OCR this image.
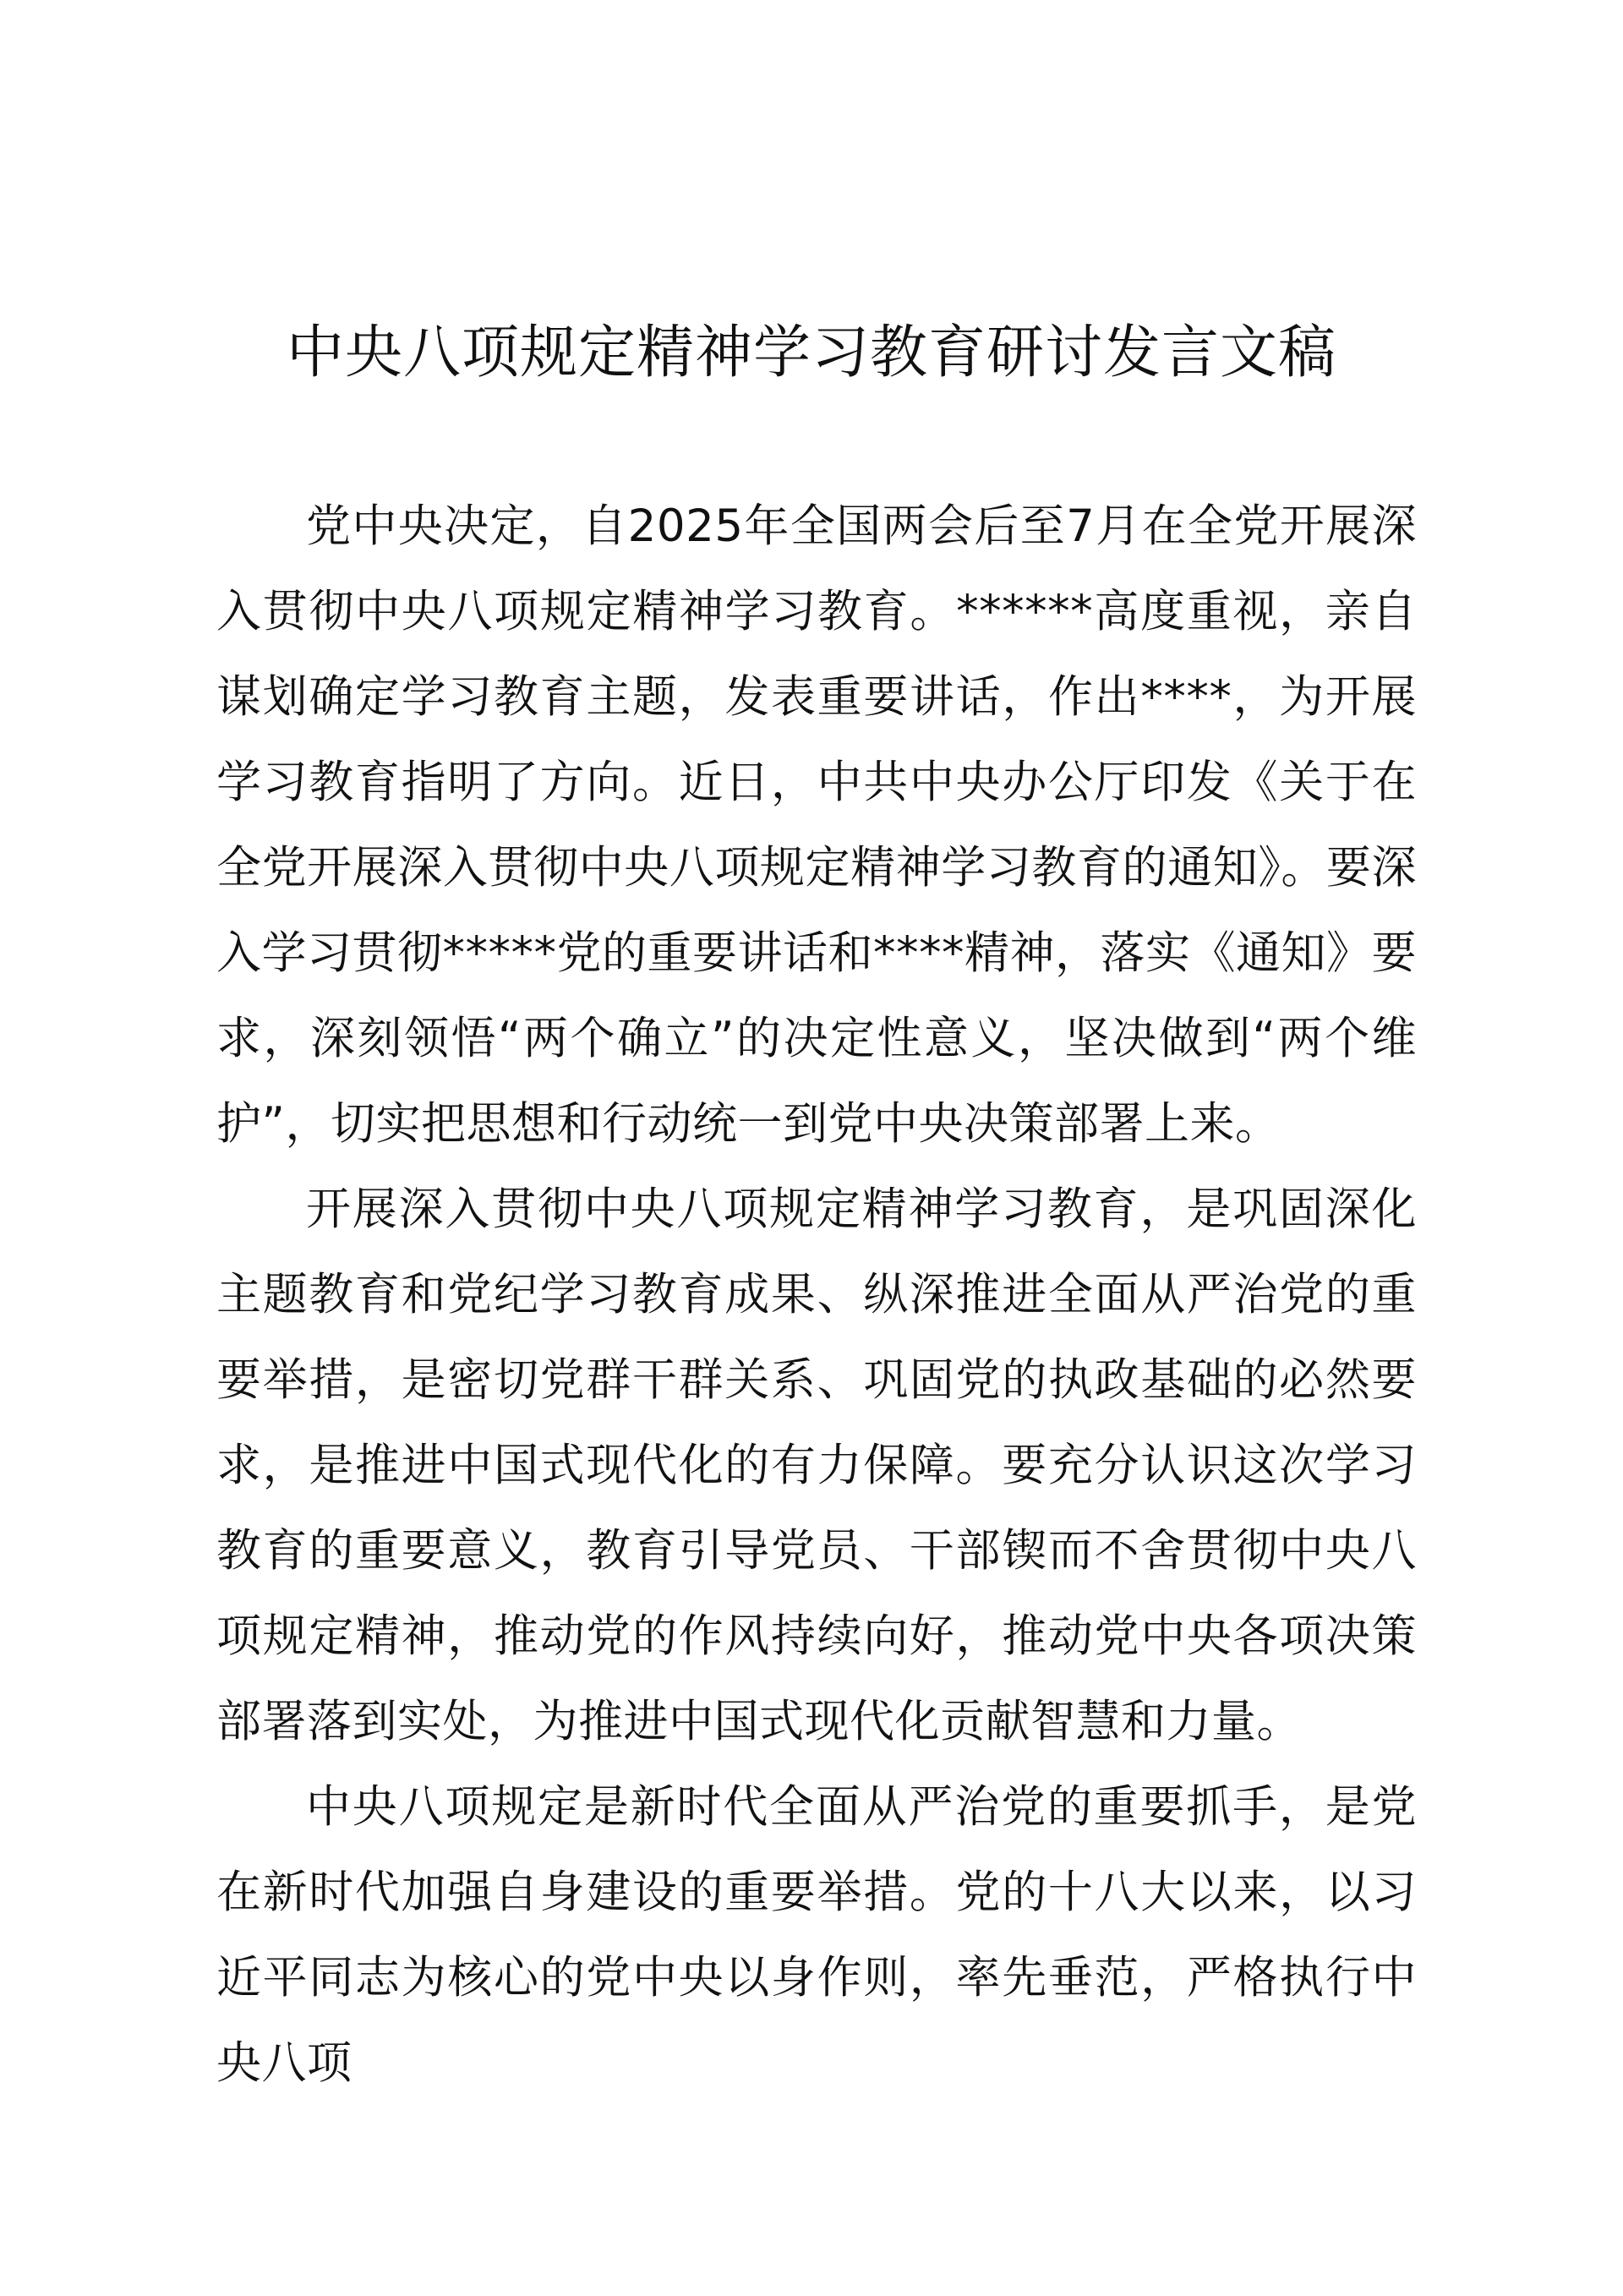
中央八项规定精神学习教育研讨发言文稿

党中央决定，自2025年全国两会后至7月在全党开展深入贯彻中央八项规定精神学习教育。******高度重视，亲自谋划确定学习教育主题，发表重要讲话，作出****，为开展学习教育指明了方向。近日，中共中央办公厅印发《关于在全党开展深入贯彻中央八项规定精神学习教育的通知》。要深入学习贯彻*****党的重要讲话和****精神，落实《通知》要求，深刻领悟“两个确立”的决定性意义，坚决做到“两个维护”，切实把思想和行动统一到党中央决策部署上来。

开展深入贯彻中央八项规定精神学习教育，是巩固深化主题教育和党纪学习教育成果、纵深推进全面从严治党的重要举措，是密切党群干群关系、巩固党的执政基础的必然要求，是推进中国式现代化的有力保障。要充分认识这次学习教育的重要意义，教育引导党员、干部锲而不舍贯彻中央八项规定精神，推动党的作风持续向好，推动党中央各项决策部署落到实处，为推进中国式现代化贡献智慧和力量。

中央八项规定是新时代全面从严治党的重要抓手，是党在新时代加强自身建设的重要举措。党的十八大以来，以习近平同志为核心的党中央以身作则，率先垂范，严格执行中央八项
